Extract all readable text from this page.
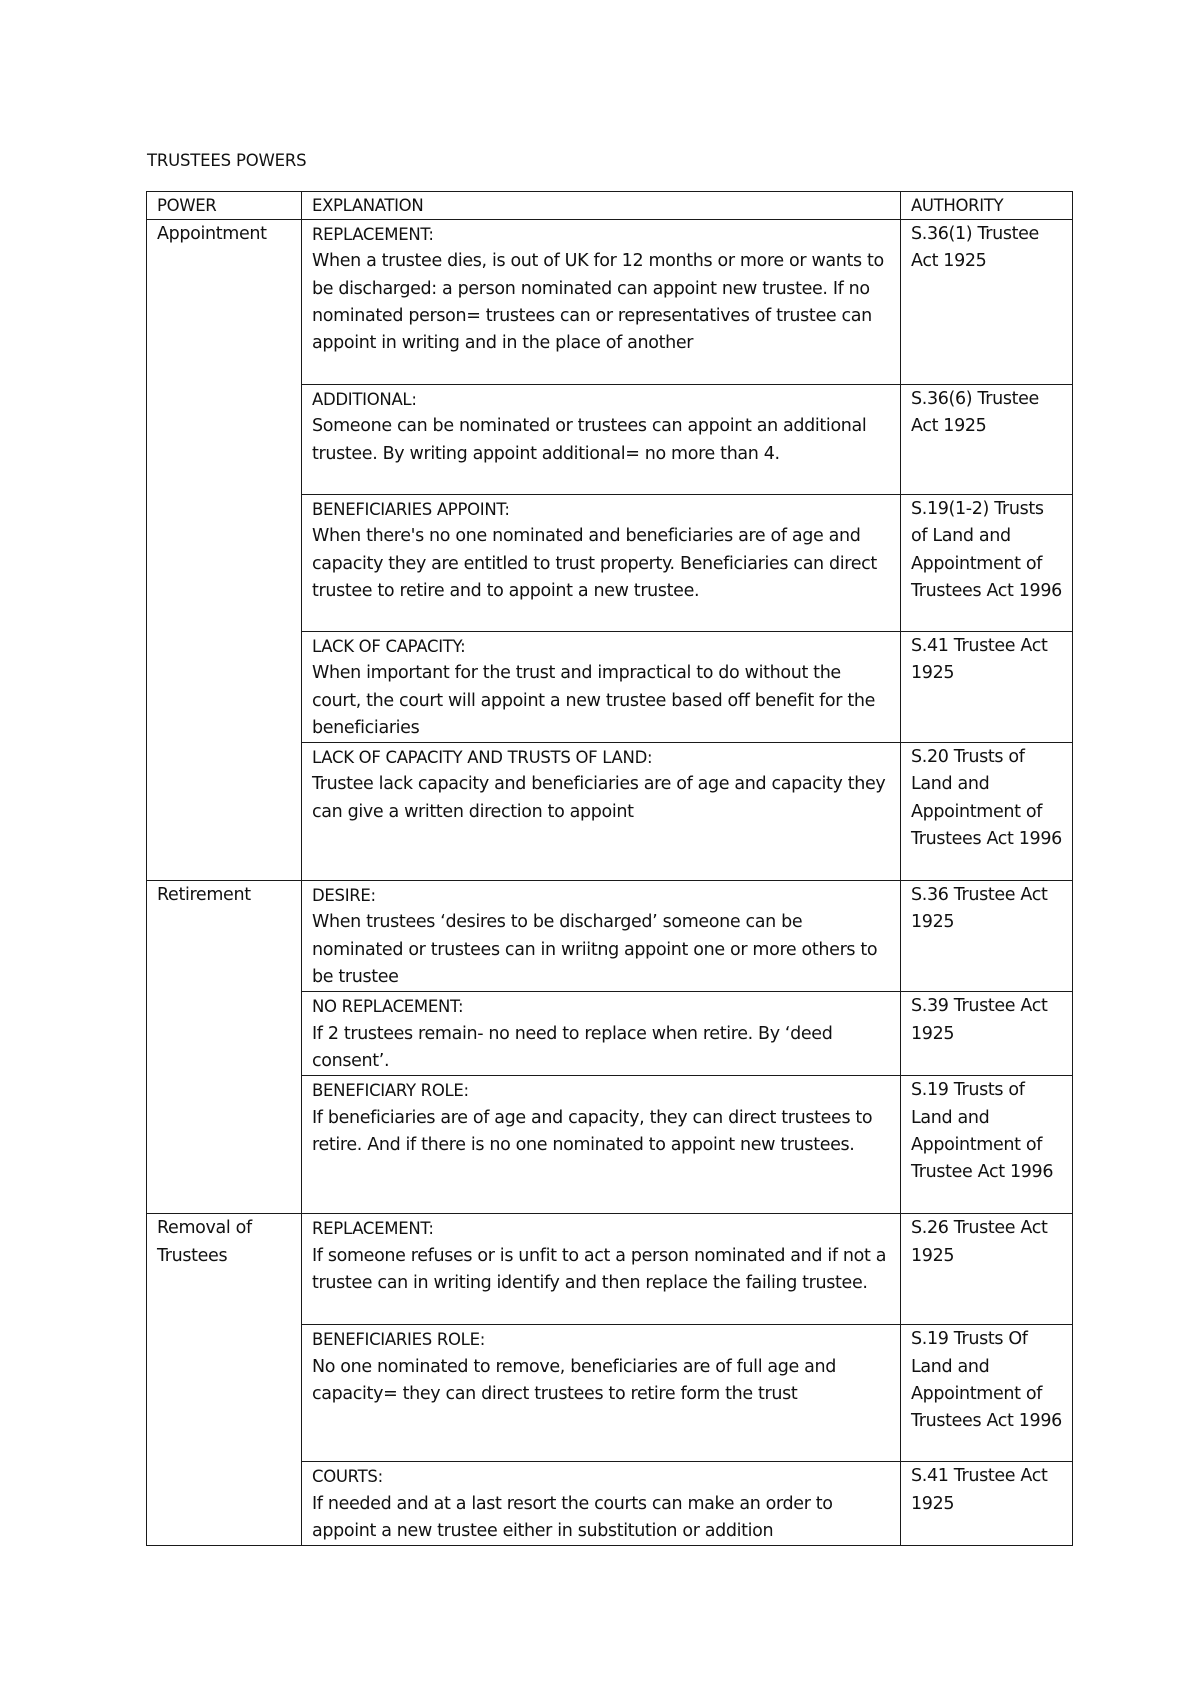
TRUSTEES POWERS
POWER	EXPLANATION	AUTHORITY
Appointment	REPLACEMENT:
When a trustee dies, is out of UK for 12 months or more or wants to be discharged: a person nominated can appoint new trustee. If no nominated person= trustees can or representatives of trustee can appoint in writing and in the place of another	S.36(1) Trustee Act 1925

	ADDITIONAL:
Someone can be nominated or trustees can appoint an additional trustee. By writing appoint additional= no more than 4.	S.36(6) Trustee Act 1925

	BENEFICIARIES APPOINT:
When there's no one nominated and beneficiaries are of age and capacity they are entitled to trust property. Beneficiaries can direct trustee to retire and to appoint a new trustee.	S.19(1-2) Trusts of Land and Appointment of Trustees Act 1996

	LACK OF CAPACITY:
When important for the trust and impractical to do without the court, the court will appoint a new trustee based off benefit for the beneficiaries	S.41 Trustee Act 1925

	LACK OF CAPACITY AND TRUSTS OF LAND:
Trustee lack capacity and beneficiaries are of age and capacity they can give a written direction to appoint	S.20 Trusts of Land and Appointment of Trustees Act 1996

Retirement	DESIRE:
When trustees ‘desires to be discharged’ someone can be nominated or trustees can in wriitng appoint one or more others to be trustee	S.36 Trustee Act 1925

	NO REPLACEMENT:
If 2 trustees remain- no need to replace when retire. By ‘deed consent’.	S.39 Trustee Act 1925

	BENEFICIARY ROLE:
If beneficiaries are of age and capacity, they can direct trustees to retire. And if there is no one nominated to appoint new trustees.	S.19 Trusts of Land and Appointment of Trustee Act 1996

Removal of Trustees	REPLACEMENT:
If someone refuses or is unfit to act a person nominated and if not a trustee can in writing identify and then replace the failing trustee.	S.26 Trustee Act 1925

	BENEFICIARIES ROLE:
No one nominated to remove, beneficiaries are of full age and capacity= they can direct trustees to retire form the trust	S.19 Trusts Of Land and Appointment of Trustees Act 1996

	COURTS:
If needed and at a last resort the courts can make an order to appoint a new trustee either in substitution or addition	S.41 Trustee Act 1925
